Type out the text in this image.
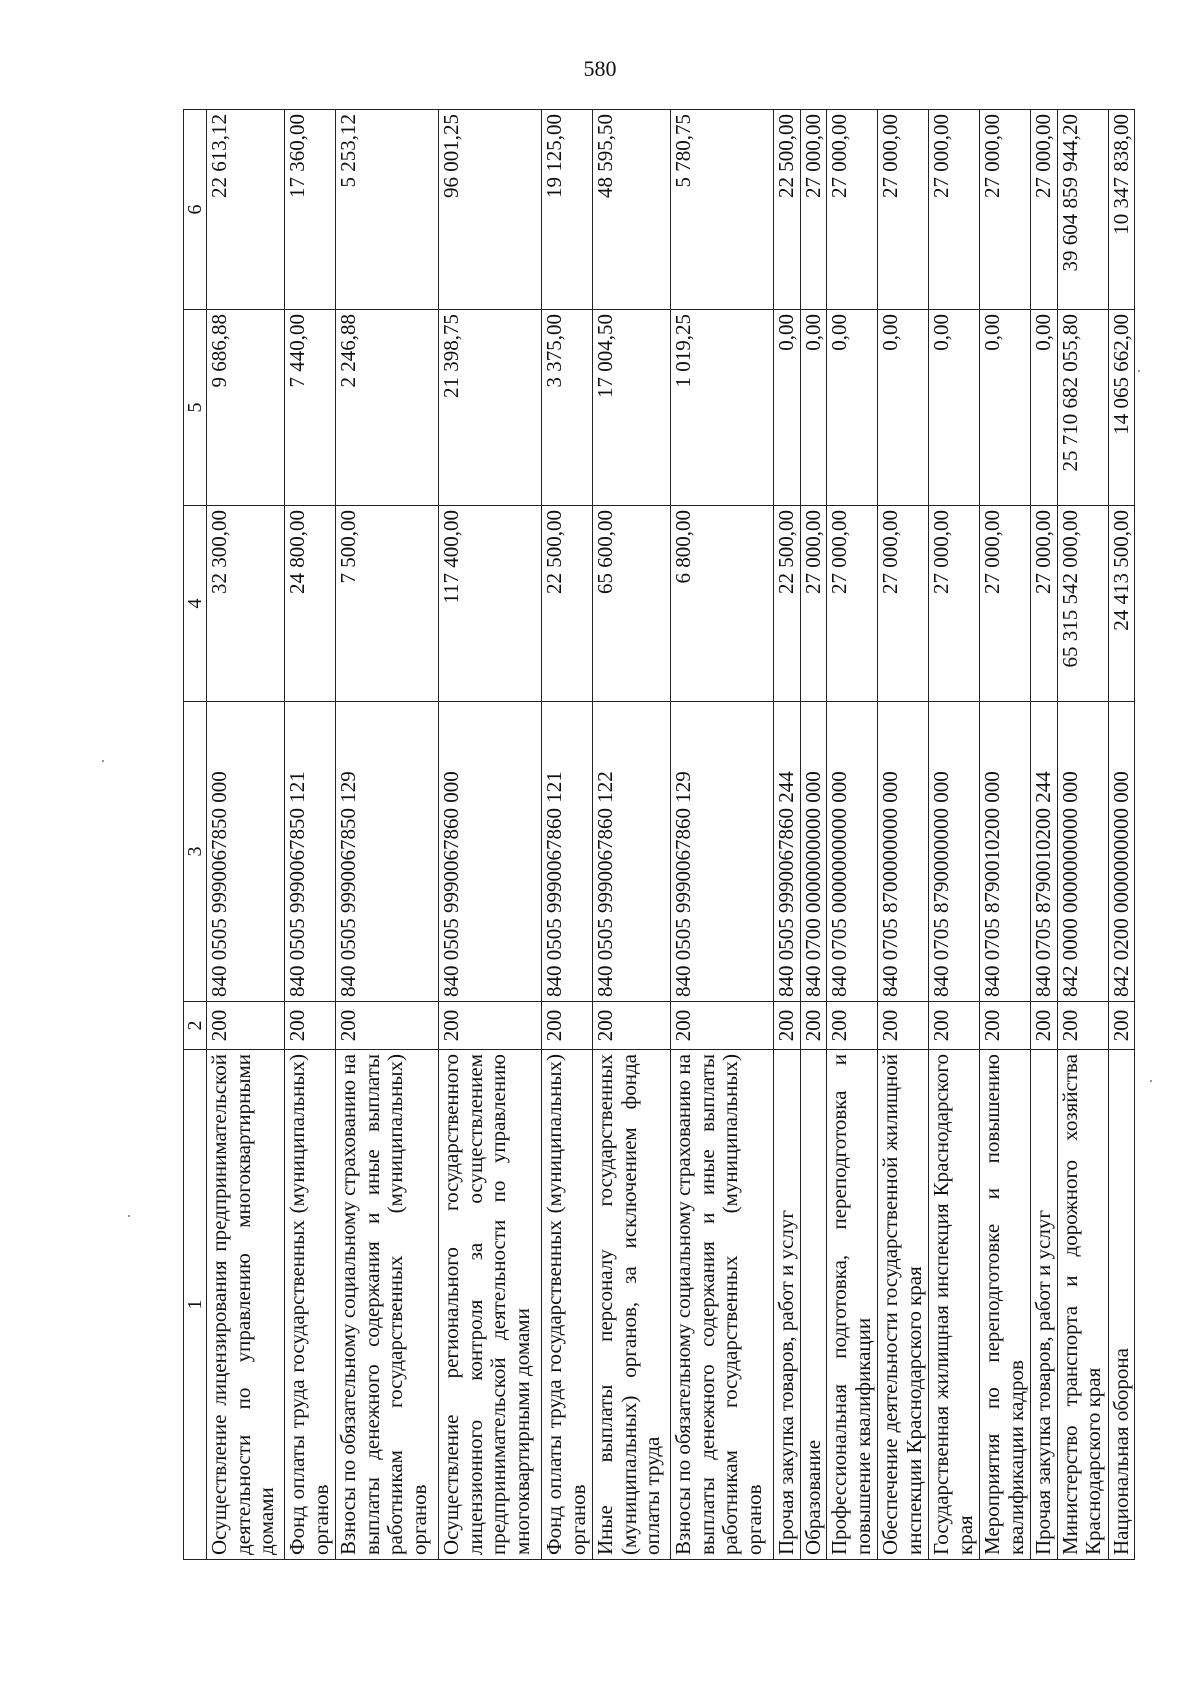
580
1	2	3	4	5	6
Осуществление лицензирования предпринимательской деятельности по управлению многоквартирными домами	200	840 0505 9990067850 000	32 300,00	9 686,88	22 613,12
Фонд оплаты труда государственных (муниципальных) органов	200	840 0505 9990067850 121	24 800,00	7 440,00	17 360,00
Взносы по обязательному социальному страхованию на выплаты денежного содержания и иные выплаты работникам государственных (муниципальных) органов	200	840 0505 9990067850 129	7 500,00	2 246,88	5 253,12
Осуществление регионального государственного лицензионного контроля за осуществлением предпринимательской деятельности по управлению многоквартирными домами	200	840 0505 9990067860 000	117 400,00	21 398,75	96 001,25
Фонд оплаты труда государственных (муниципальных) органов	200	840 0505 9990067860 121	22 500,00	3 375,00	19 125,00
Иные выплаты персоналу государственных (муниципальных) органов, за исключением фонда оплаты труда	200	840 0505 9990067860 122	65 600,00	17 004,50	48 595,50
Взносы по обязательному социальному страхованию на выплаты денежного содержания и иные выплаты работникам государственных (муниципальных) органов	200	840 0505 9990067860 129	6 800,00	1 019,25	5 780,75
Прочая закупка товаров, работ и услуг	200	840 0505 9990067860 244	22 500,00	0,00	22 500,00
Образование	200	840 0700 0000000000 000	27 000,00	0,00	27 000,00
Профессиональная подготовка, переподготовка и повышение квалификации	200	840 0705 0000000000 000	27 000,00	0,00	27 000,00
Обеспечение деятельности государственной жилищной инспекции Краснодарского края	200	840 0705 8700000000 000	27 000,00	0,00	27 000,00
Государственная жилищная инспекция Краснодарского края	200	840 0705 8790000000 000	27 000,00	0,00	27 000,00
Мероприятия по переподготовке и повышению квалификации кадров	200	840 0705 8790010200 000	27 000,00	0,00	27 000,00
Прочая закупка товаров, работ и услуг	200	840 0705 8790010200 244	27 000,00	0,00	27 000,00
Министерство транспорта и дорожного хозяйства Краснодарского края	200	842 0000 0000000000 000	65 315 542 000,00	25 710 682 055,80	39 604 859 944,20
Национальная оборона	200	842 0200 0000000000 000	24 413 500,00	14 065 662,00	10 347 838,00
